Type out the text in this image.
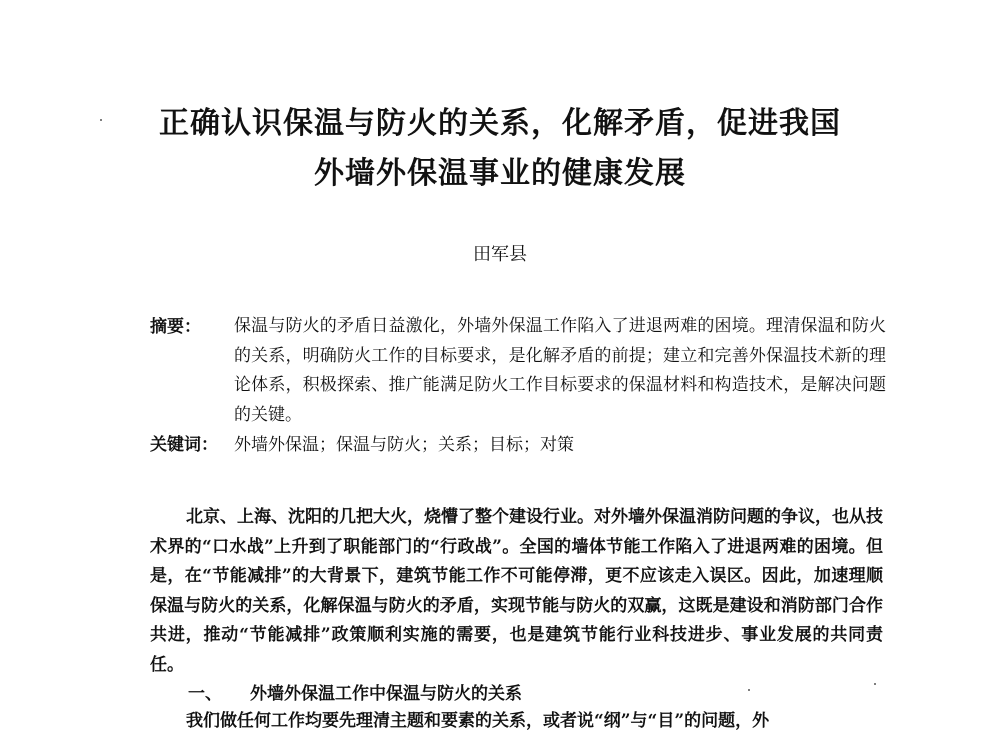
正确认识保温与防火的关系，化解矛盾，促进我国
外墙外保温事业的健康发展
田军县
摘要： 保温与防火的矛盾日益激化，外墙外保温工作陷入了进退两难的困境。理清保温和防火的关系，明确防火工作的目标要求，是化解矛盾的前提；建立和完善外保温技术新的理论体系，积极探索、推广能满足防火工作目标要求的保温材料和构造技术，是解决问题的关键。
关键词： 外墙外保温；保温与防火；关系；目标；对策
北京、上海、沈阳的几把大火，烧懵了整个建设行业。对外墙外保温消防问题的争议，也从技术界的“口水战”上升到了职能部门的“行政战”。全国的墙体节能工作陷入了进退两难的困境。但是，在“节能减排”的大背景下，建筑节能工作不可能停滞，更不应该走入误区。因此，加速理顺保温与防火的关系，化解保温与防火的矛盾，实现节能与防火的双赢，这既是建设和消防部门合作共进，推动“节能减排”政策顺利实施的需要，也是建筑节能行业科技进步、事业发展的共同责任。
一、 外墙外保温工作中保温与防火的关系
我们做任何工作均要先理清主题和要素的关系，或者说“纲”与“目”的问题，外
